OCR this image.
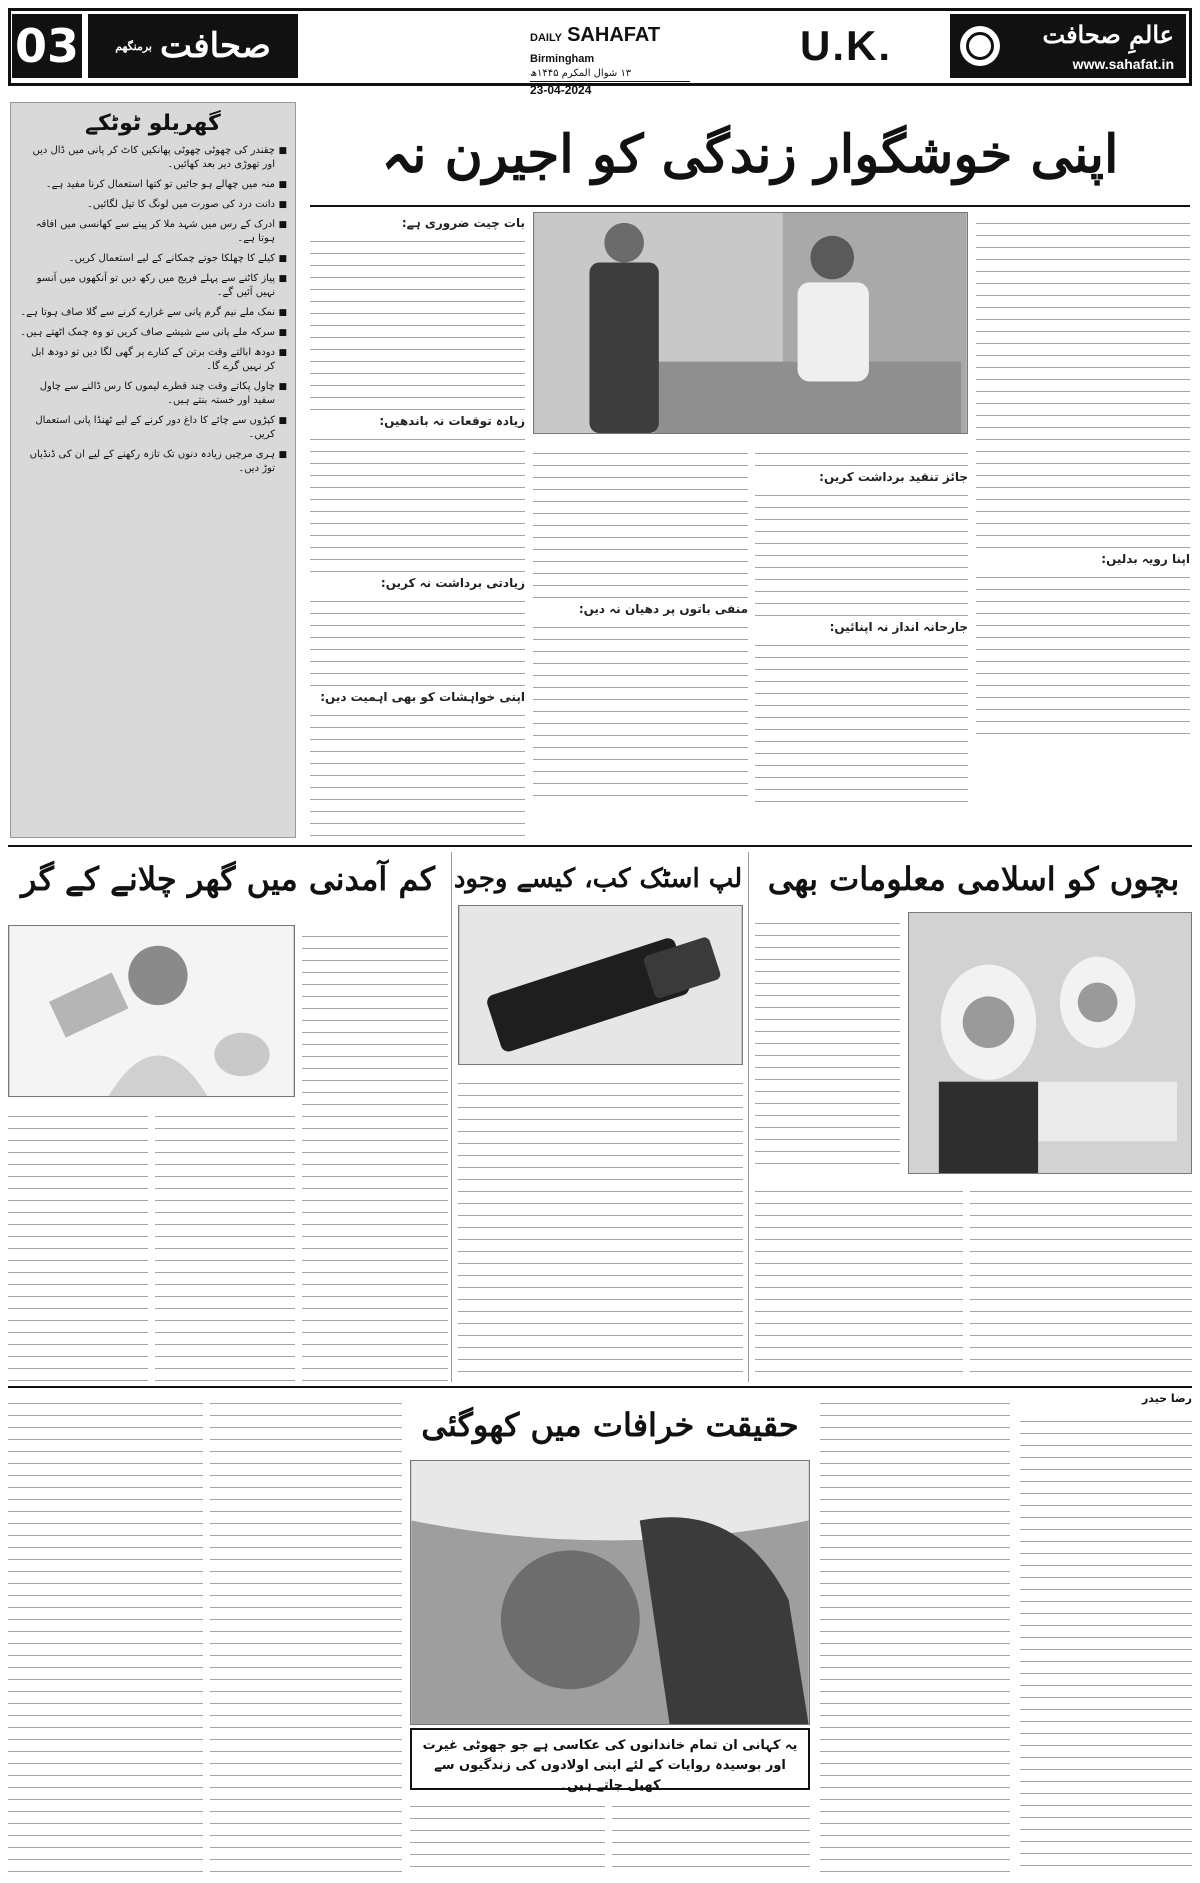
03 صحافت
برمنگھم
DAILY SAHAFAT Birmingham
۱۳ شوال المکرم ۱۴۴۵ھ
23-04-2024
U.K.	عالمِ صحافت
www.sahafat.in
گھریلو ٹوٹکے
■ چقندر کی چھوٹی چھوٹی پھانکیں کاٹ کر پانی میں ڈال دیں اور تھوڑی دیر بعد کھائیں۔
■ منہ میں چھالے ہو جائیں تو کتھا استعمال کرنا مفید ہے۔
■ دانت درد کی صورت میں لونگ کا تیل لگائیں۔
■ ادرک کے رس میں شہد ملا کر پینے سے کھانسی میں افاقہ ہوتا ہے۔
■ کیلے کا چھلکا جوتے چمکانے کے لیے استعمال کریں۔
■ پیاز کاٹنے سے پہلے فریج میں رکھ دیں تو آنکھوں میں آنسو نہیں آئیں گے۔
■ نمک ملے نیم گرم پانی سے غرارے کرنے سے گلا صاف ہوتا ہے۔
■ سرکہ ملے پانی سے شیشے صاف کریں تو وہ چمک اٹھتے ہیں۔
■ دودھ ابالتے وقت برتن کے کنارے پر گھی لگا دیں تو دودھ ابل کر نہیں گرے گا۔
■ چاول پکاتے وقت چند قطرے لیموں کا رس ڈالنے سے چاول سفید اور خستہ بنتے ہیں۔
■ کپڑوں سے چائے کا داغ دور کرنے کے لیے ٹھنڈا پانی استعمال کریں۔
■ ہری مرچیں زیادہ دنوں تک تازہ رکھنے کے لیے ان کی ڈنڈیاں توڑ دیں۔
اپنی خوشگوار زندگی کو اجیرن نہ
بات چیت ضروری ہے:
زیادہ توقعات نہ باندھیں:
زیادتی برداشت نہ کریں:
اپنی خواہشات کو بھی اہمیت دیں:
منفی باتوں پر دھیان نہ دیں:
جائز تنقید برداشت کریں:
جارحانہ انداز نہ اپنائیں:
اپنا رویہ بدلیں:
بچوں کو اسلامی معلومات بھی
لپ اسٹک کب، کیسے وجود
کم آمدنی میں گھر چلانے کے گر
رضا حیدر
حقیقت خرافات میں کھوگئی
یہ کہانی ان تمام خاندانوں کی عکاسی ہے جو جھوٹی غیرت اور بوسیدہ روایات کے لئے اپنی اولادوں کی زندگیوں سے کھیل جاتے ہیں۔
